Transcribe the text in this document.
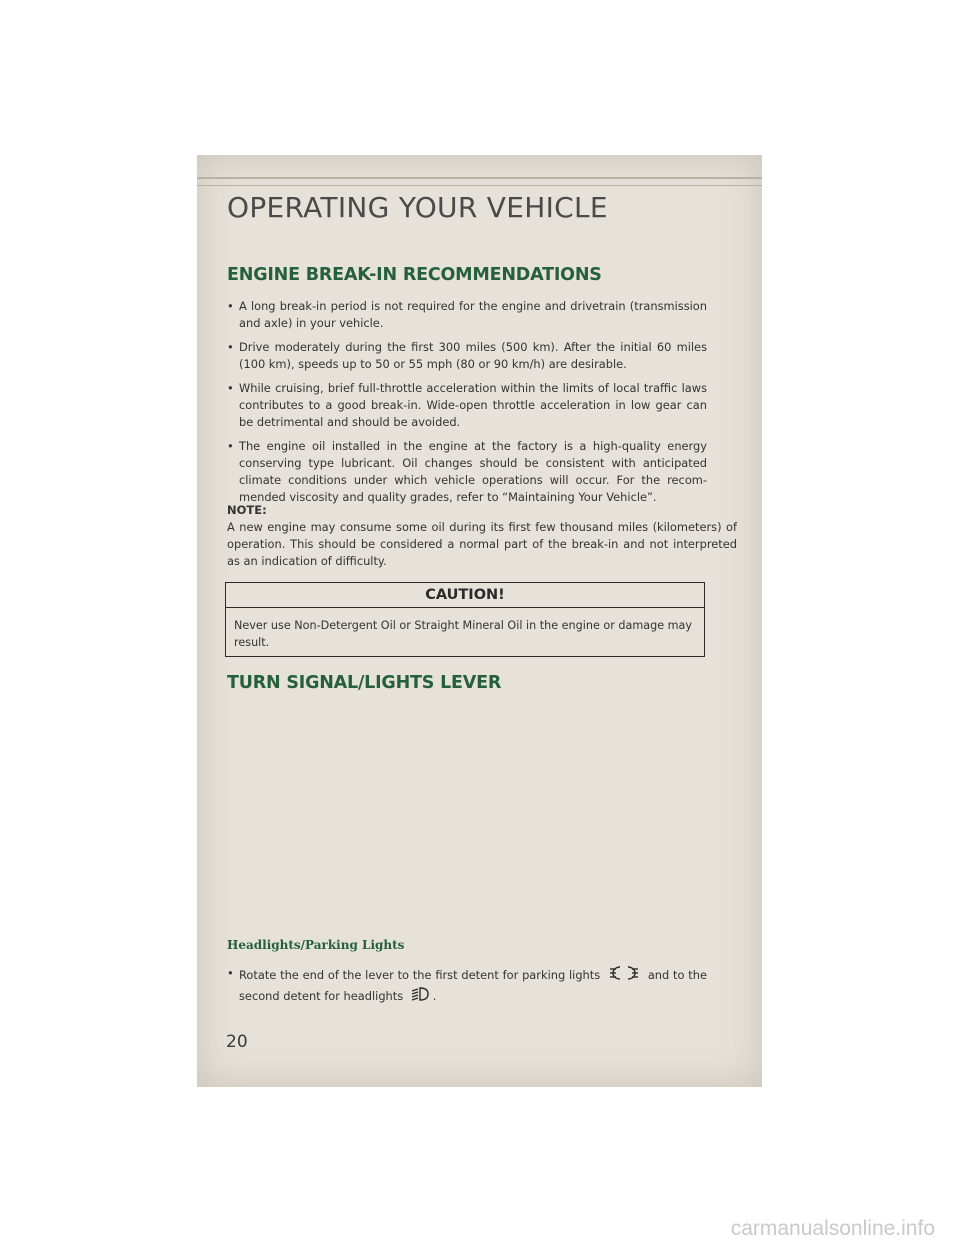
OPERATING YOUR VEHICLE
ENGINE BREAK-IN RECOMMENDATIONS
• A long break-in period is not required for the engine and drivetrain (transmission and axle) in your vehicle.
• Drive moderately during the first 300 miles (500 km). After the initial 60 miles (100 km), speeds up to 50 or 55 mph (80 or 90 km/h) are desirable.
• While cruising, brief full-throttle acceleration within the limits of local traffic laws contributes to a good break-in. Wide-open throttle acceleration in low gear can be detrimental and should be avoided.
• The engine oil installed in the engine at the factory is a high-quality energy conserving type lubricant. Oil changes should be consistent with anticipated climate conditions under which vehicle operations will occur. For the recom-mended viscosity and quality grades, refer to “Maintaining Your Vehicle”.
NOTE:
A new engine may consume some oil during its first few thousand miles (kilometers) of operation. This should be considered a normal part of the break-in and not interpreted as an indication of difficulty.
CAUTION!
Never use Non-Detergent Oil or Straight Mineral Oil in the engine or damage may result.
TURN SIGNAL/LIGHTS LEVER
Headlights/Parking Lights
• Rotate the end of the lever to the first detent for parking lights	and to the second detent for headlights	.
20
carmanualsonline.info
